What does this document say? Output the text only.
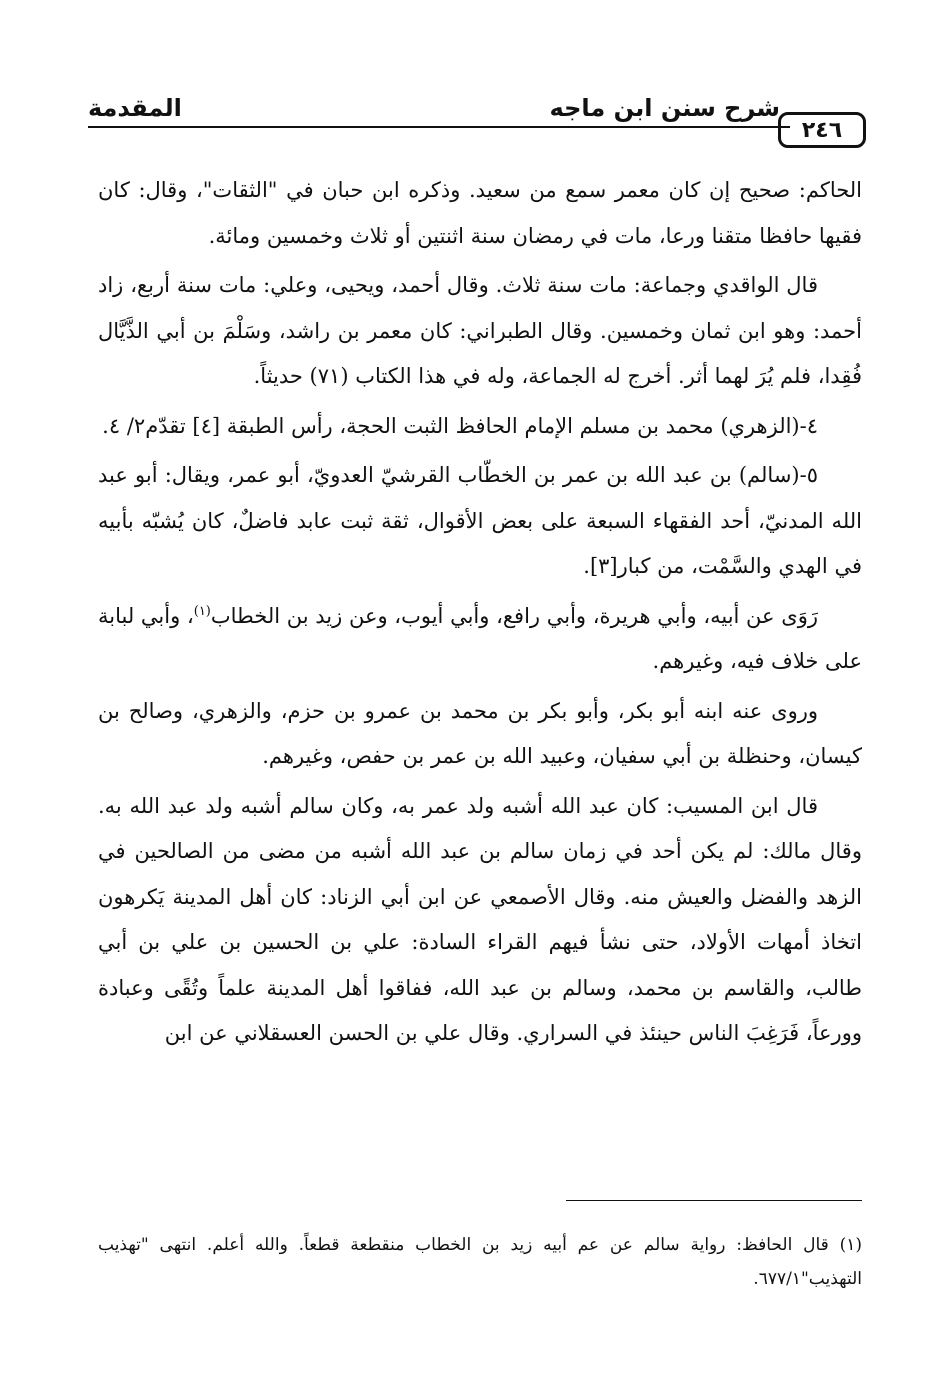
٢٤٦
شرح سنن ابن ماجه
المقدمة

الحاكم: صحيح إن كان معمر سمع من سعيد. وذكره ابن حبان في "الثقات"، وقال: كان فقيها حافظا متقنا ورعا، مات في رمضان سنة اثنتين أو ثلاث وخمسين ومائة.

قال الواقدي وجماعة: مات سنة ثلاث. وقال أحمد، ويحيى، وعلي: مات سنة أربع، زاد أحمد: وهو ابن ثمان وخمسين. وقال الطبراني: كان معمر بن راشد، وسَلْمَ بن أبي الذَّيَّال فُقِدا، فلم يُرَ لهما أثر. أخرج له الجماعة، وله في هذا الكتاب (٧١) حديثاً.

٤-(الزهري) محمد بن مسلم الإمام الحافظ الثبت الحجة، رأس الطبقة [٤] تقدّم٢/ ٤.

٥-(سالم) بن عبد الله بن عمر بن الخطّاب القرشيّ العدويّ، أبو عمر، ويقال: أبو عبد الله المدنيّ، أحد الفقهاء السبعة على بعض الأقوال، ثقة ثبت عابد فاضلٌ، كان يُشبّه بأبيه في الهدي والسَّمْت، من كبار[٣].

رَوَى عن أبيه، وأبي هريرة، وأبي رافع، وأبي أيوب، وعن زيد بن الخطاب$^{(١)}$، وأبي لبابة على خلاف فيه، وغيرهم.

وروى عنه ابنه أبو بكر، وأبو بكر بن محمد بن عمرو بن حزم، والزهري، وصالح بن كيسان، وحنظلة بن أبي سفيان، وعبيد الله بن عمر بن حفص، وغيرهم.

قال ابن المسيب: كان عبد الله أشبه ولد عمر به، وكان سالم أشبه ولد عبد الله به. وقال مالك: لم يكن أحد في زمان سالم بن عبد الله أشبه من مضى من الصالحين في الزهد والفضل والعيش منه. وقال الأصمعي عن ابن أبي الزناد: كان أهل المدينة يَكرهون اتخاذ أمهات الأولاد، حتى نشأ فيهم القراء السادة: علي بن الحسين بن علي بن أبي طالب، والقاسم بن محمد، وسالم بن عبد الله، ففاقوا أهل المدينة علماً وتُقًى وعبادة وورعاً، فَرَغِبَ الناس حينئذ في السراري. وقال علي بن الحسن العسقلاني عن ابن

(١) قال الحافظ: رواية سالم عن عم أبيه زيد بن الخطاب منقطعة قطعاً. والله أعلم. انتهى "تهذيب التهذيب"٦٧٧/١.
